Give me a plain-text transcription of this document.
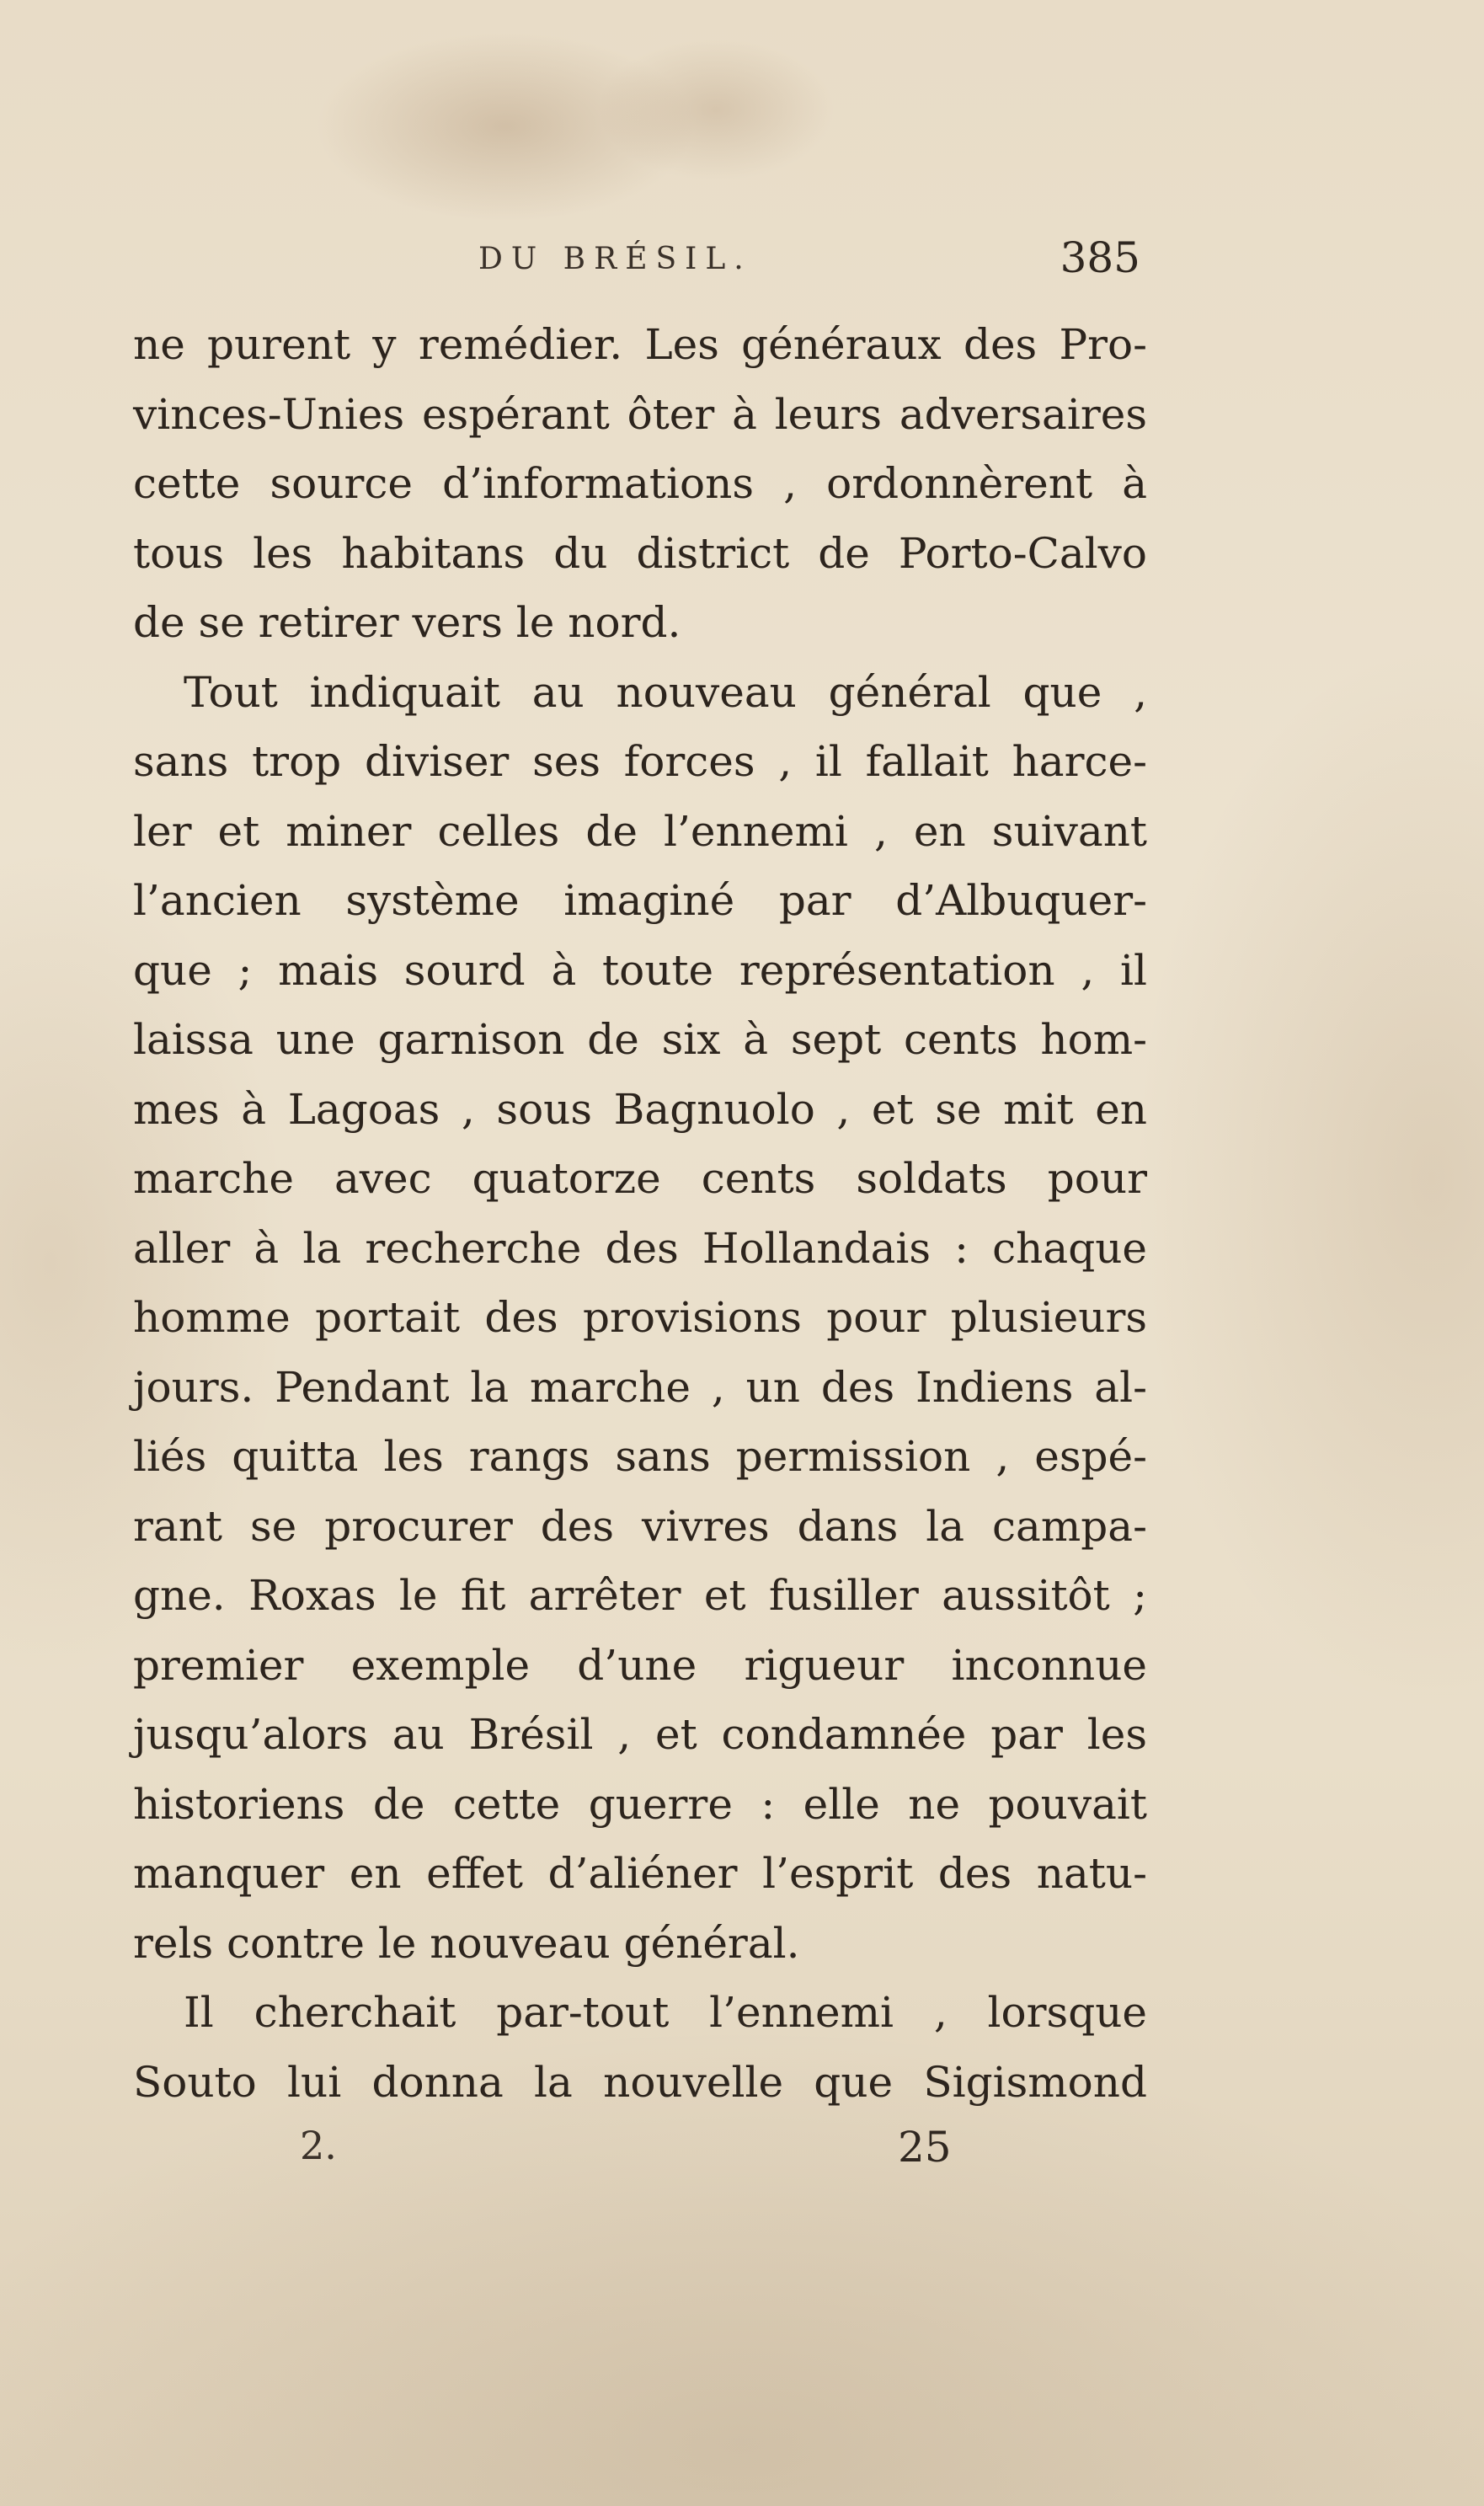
DU BRÉSIL.	385
ne purent y remédier. Les généraux des Pro-
vinces-Unies espérant ôter à leurs adversaires
cette source d’informations , ordonnèrent à
tous les habitans du district de Porto-Calvo
de se retirer vers le nord.
Tout indiquait au nouveau général que ,
sans trop diviser ses forces , il fallait harce-
ler et miner celles de l’ennemi , en suivant
l’ancien système imaginé par d’Albuquer-
que ; mais sourd à toute représentation , il
laissa une garnison de six à sept cents hom-
mes à Lagoas , sous Bagnuolo , et se mit en
marche avec quatorze cents soldats pour
aller à la recherche des Hollandais : chaque
homme portait des provisions pour plusieurs
jours. Pendant la marche , un des Indiens al-
liés quitta les rangs sans permission , espé-
rant se procurer des vivres dans la campa-
gne. Roxas le fit arrêter et fusiller aussitôt ;
premier exemple d’une rigueur inconnue
jusqu’alors au Brésil , et condamnée par les
historiens de cette guerre : elle ne pouvait
manquer en effet d’aliéner l’esprit des natu-
rels contre le nouveau général.
Il cherchait par-tout l’ennemi , lorsque
Souto lui donna la nouvelle que Sigismond
2.	25
